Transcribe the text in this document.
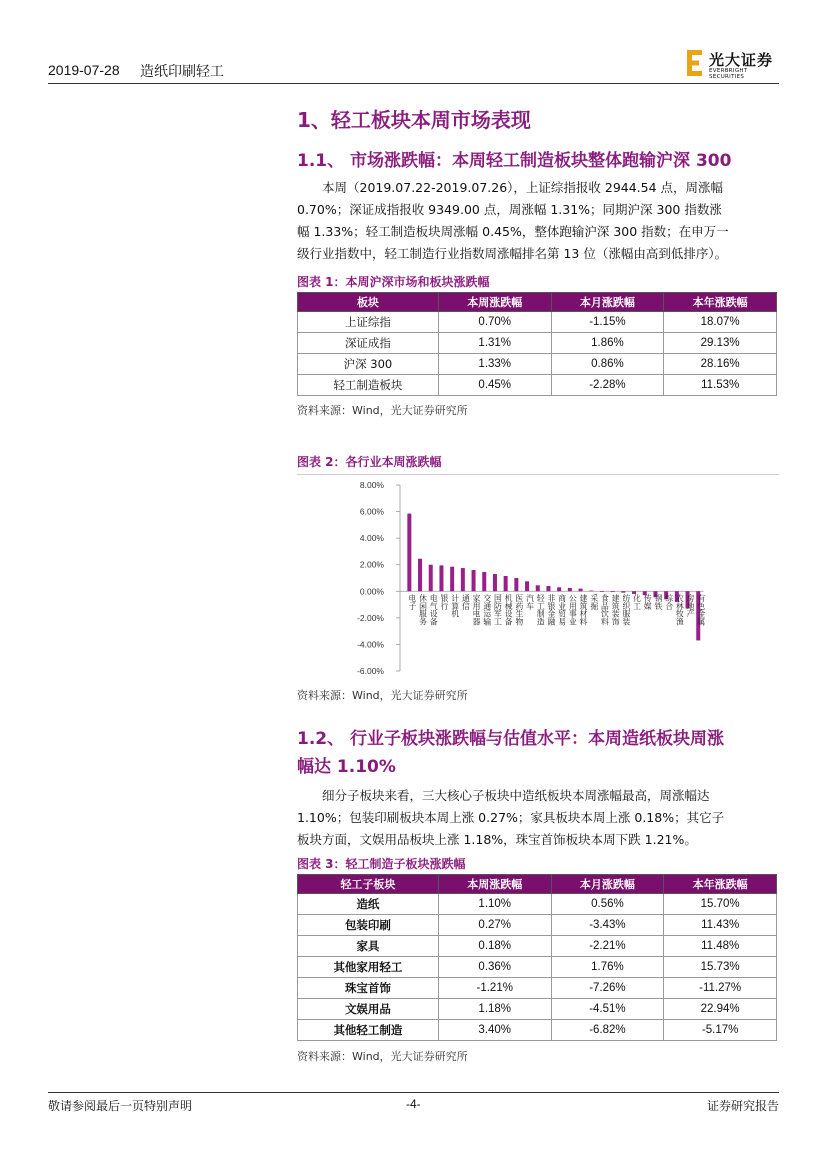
2019-07-28 造纸印刷轻工
光大证券
EVERBRIGHT SECURITIES
1、轻工板块本周市场表现
1.1、 市场涨跌幅：本周轻工制造板块整体跑输沪深 300
本周（2019.07.22-2019.07.26），上证综指报收 2944.54 点，周涨幅
0.70%；深证成指报收 9349.00 点，周涨幅 1.31%；同期沪深 300 指数涨
幅 1.33%；轻工制造板块周涨幅 0.45%，整体跑输沪深 300 指数；在申万一
级行业指数中，轻工制造行业指数周涨幅排名第 13 位（涨幅由高到低排序）。
图表 1：本周沪深市场和板块涨跌幅
板块	本周涨跌幅	本月涨跌幅	本年涨跌幅
上证综指	0.70%	-1.15%	18.07%
深证成指	1.31%	1.86%	29.13%
沪深 300	1.33%	0.86%	28.16%
轻工制造板块	0.45%	-2.28%	11.53%
资料来源：Wind，光大证券研究所
图表 2：各行业本周涨跌幅
8.00%
6.00%
4.00%
2.00%
0.00%
-2.00%
-4.00%
-6.00%
电子 休闲服务 电气设备 银行 计算机 通信 家用电器 交通运输 国防军工 机械设备 医药生物 汽车 轻工制造 非银金融 商业贸易 公用事业 建筑材料 采掘 食品饮料 建筑装饰 纺织服装 化工 传媒 钢铁 综合 农林牧渔 房地产 有色金属
资料来源：Wind，光大证券研究所
1.2、 行业子板块涨跌幅与估值水平：本周造纸板块周涨
幅达 1.10%
细分子板块来看，三大核心子板块中造纸板块本周涨幅最高，周涨幅达
1.10%；包装印刷板块本周上涨 0.27%；家具板块本周上涨 0.18%；其它子
板块方面，文娱用品板块上涨 1.18%，珠宝首饰板块本周下跌 1.21%。
图表 3：轻工制造子板块涨跌幅
轻工子板块	本周涨跌幅	本月涨跌幅	本年涨跌幅
造纸	1.10%	0.56%	15.70%
包装印刷	0.27%	-3.43%	11.43%
家具	0.18%	-2.21%	11.48%
其他家用轻工	0.36%	1.76%	15.73%
珠宝首饰	-1.21%	-7.26%	-11.27%
文娱用品	1.18%	-4.51%	22.94%
其他轻工制造	3.40%	-6.82%	-5.17%
资料来源：Wind，光大证券研究所
敬请参阅最后一页特别声明	-4-	证券研究报告
